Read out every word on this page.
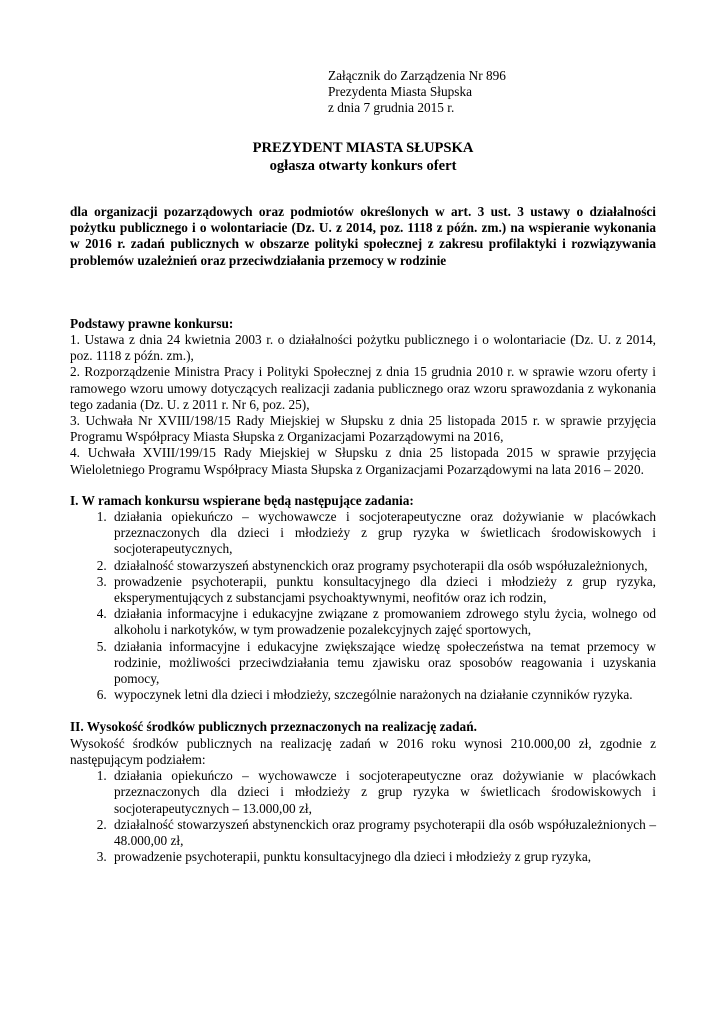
Załącznik do Zarządzenia Nr 896
Prezydenta Miasta Słupska
z dnia 7 grudnia 2015 r.
PREZYDENT MIASTA SŁUPSKA
ogłasza otwarty konkurs ofert
dla organizacji pozarządowych oraz podmiotów określonych w art. 3 ust. 3 ustawy o działalności pożytku publicznego i o wolontariacie (Dz. U. z 2014, poz. 1118 z późn. zm.) na wspieranie wykonania w 2016 r. zadań publicznych w obszarze polityki społecznej z zakresu profilaktyki i rozwiązywania problemów uzależnień oraz przeciwdziałania przemocy w rodzinie
Podstawy prawne konkursu:

1. Ustawa z dnia 24 kwietnia 2003 r. o działalności pożytku publicznego i o wolontariacie (Dz. U. z 2014, poz. 1118 z późn. zm.),

2. Rozporządzenie Ministra Pracy i Polityki Społecznej z dnia 15 grudnia 2010 r. w sprawie wzoru oferty i ramowego wzoru umowy dotyczących realizacji zadania publicznego oraz wzoru sprawozdania z wykonania tego zadania (Dz. U. z 2011 r. Nr 6, poz. 25),

3. Uchwała Nr XVIII/198/15 Rady Miejskiej w Słupsku z dnia 25 listopada 2015 r. w sprawie przyjęcia Programu Współpracy Miasta Słupska z Organizacjami Pozarządowymi na 2016,

4. Uchwała XVIII/199/15 Rady Miejskiej w Słupsku z dnia 25 listopada 2015 w sprawie przyjęcia Wieloletniego Programu Współpracy Miasta Słupska z Organizacjami Pozarządowymi na lata 2016 – 2020.

I. W ramach konkursu wspierane będą następujące zadania:
1. działania opiekuńczo – wychowawcze i socjoterapeutyczne oraz dożywianie w placówkach przeznaczonych dla dzieci i młodzieży z grup ryzyka w świetlicach środowiskowych i socjoterapeutycznych,
2. działalność stowarzyszeń abstynenckich oraz programy psychoterapii dla osób współuzależnionych,
3. prowadzenie psychoterapii, punktu konsultacyjnego dla dzieci i młodzieży z grup ryzyka, eksperymentujących z substancjami psychoaktywnymi, neofitów oraz ich rodzin,
4. działania informacyjne i edukacyjne związane z promowaniem zdrowego stylu życia, wolnego od alkoholu i narkotyków, w tym prowadzenie pozalekcyjnych zajęć sportowych,
5. działania informacyjne i edukacyjne zwiększające wiedzę społeczeństwa na temat przemocy w rodzinie, możliwości przeciwdziałania temu zjawisku oraz sposobów reagowania i uzyskania pomocy,
6. wypoczynek letni dla dzieci i młodzieży, szczególnie narażonych na działanie czynników ryzyka.
II. Wysokość środków publicznych przeznaczonych na realizację zadań.

Wysokość środków publicznych na realizację zadań w 2016 roku wynosi 210.000,00 zł, zgodnie z następującym podziałem:

1. działania opiekuńczo – wychowawcze i socjoterapeutyczne oraz dożywianie w placówkach przeznaczonych dla dzieci i młodzieży z grup ryzyka w świetlicach środowiskowych i socjoterapeutycznych – 13.000,00 zł,
2. działalność stowarzyszeń abstynenckich oraz programy psychoterapii dla osób współuzależnionych – 48.000,00 zł,
3. prowadzenie psychoterapii, punktu konsultacyjnego dla dzieci i młodzieży z grup ryzyka,
